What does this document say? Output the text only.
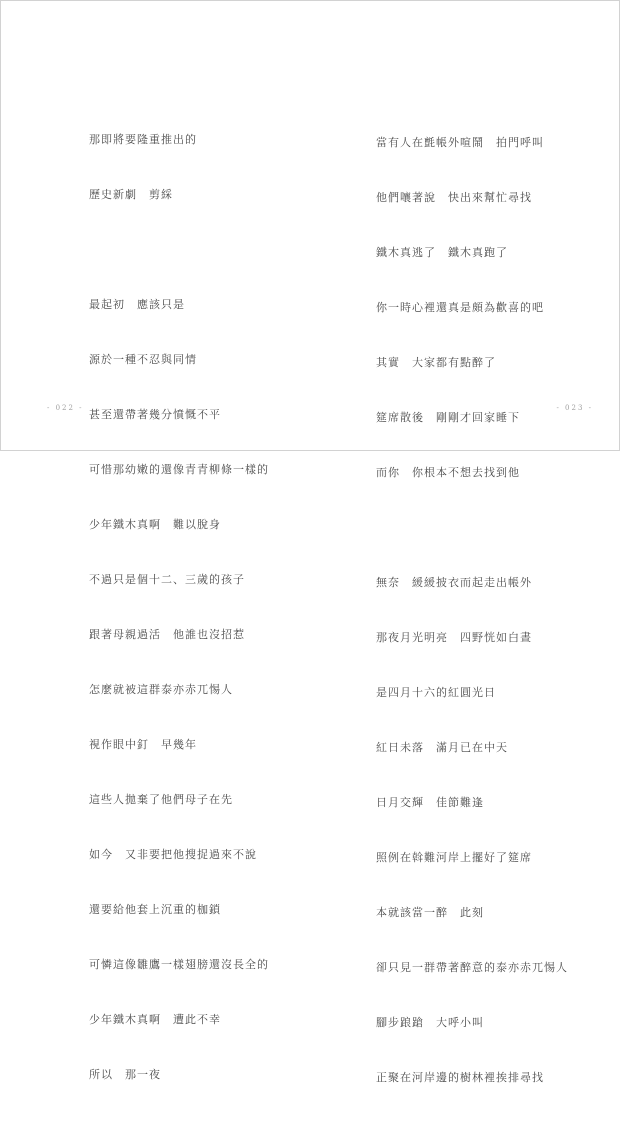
那即將要隆重推出的

歷史新劇　剪綵

最起初　應該只是

源於一種不忍與同情

甚至還帶著幾分憤慨不平

可惜那幼嫩的還像青青柳條一樣的

少年鐵木真啊　難以脫身

不過只是個十二、三歲的孩子

跟著母親過活　他誰也沒招惹

怎麼就被這群泰亦赤兀惕人

視作眼中釘　早幾年

這些人拋棄了他們母子在先

如今　又非要把他搜捉過來不說

還要給他套上沉重的枷鎖

可憐這像雛鷹一樣翅膀還沒長全的

少年鐵木真啊　遭此不幸

所以　那一夜

- 022 -

當有人在氈帳外喧鬧　拍門呼叫

他們嚷著說　快出來幫忙尋找

鐵木真逃了　鐵木真跑了

你一時心裡還真是頗為歡喜的吧

其實　大家都有點醉了

筵席散後　剛剛才回家睡下

而你　你根本不想去找到他

無奈　緩緩披衣而起走出帳外

那夜月光明亮　四野恍如白晝

是四月十六的紅圓光日

紅日未落　滿月已在中天

日月交輝　佳節難逢

照例在斡難河岸上擺好了筵席

本就該當一醉　此刻

卻只見一群帶著醉意的泰亦赤兀惕人

腳步踉蹌　大呼小叫

正聚在河岸邊的樹林裡挨排尋找

- 023 -
